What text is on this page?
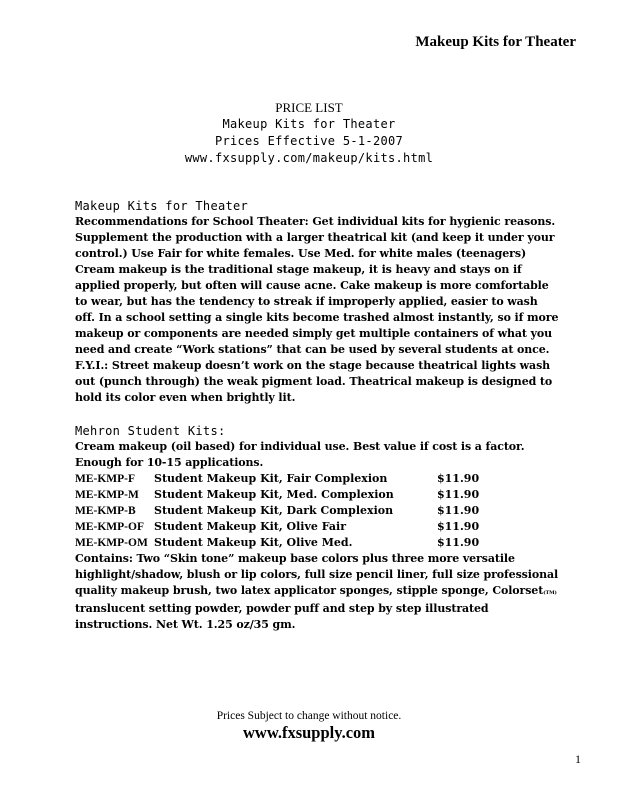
Makeup Kits for Theater
PRICE LIST
Makeup Kits for Theater
Prices Effective 5-1-2007
www.fxsupply.com/makeup/kits.html
Makeup Kits for Theater

Recommendations for School Theater: Get individual kits for hygienic reasons.

Supplement the production with a larger theatrical kit (and keep it under your

control.) Use Fair for white females. Use Med. for white males (teenagers)

Cream makeup is the traditional stage makeup, it is heavy and stays on if

applied properly, but often will cause acne. Cake makeup is more comfortable

to wear, but has the tendency to streak if improperly applied, easier to wash

off. In a school setting a single kits become trashed almost instantly, so if more

makeup or components are needed simply get multiple containers of what you

need and create “Work stations” that can be used by several students at once.

F.Y.I.: Street makeup doesn’t work on the stage because theatrical lights wash

out (punch through) the weak pigment load. Theatrical makeup is designed to

hold its color even when brightly lit.

Mehron Student Kits:

Cream makeup (oil based) for individual use. Best value if cost is a factor.

Enough for 10-15 applications.

ME-KMP-F	Student Makeup Kit, Fair Complexion	$11.90
ME-KMP-M	Student Makeup Kit, Med. Complexion	$11.90
ME-KMP-B	Student Makeup Kit, Dark Complexion	$11.90
ME-KMP-OF Student Makeup Kit, Olive Fair	$11.90
ME-KMP-OM Student Makeup Kit, Olive Med.	$11.90

Contains: Two “Skin tone” makeup base colors plus three more versatile

highlight/shadow, blush or lip colors, full size pencil liner, full size professional

quality makeup brush, two latex applicator sponges, stipple sponge, Colorset(TM)

translucent setting powder, powder puff and step by step illustrated

instructions. Net Wt. 1.25 oz/35 gm.

Prices Subject to change without notice.
www.fxsupply.com
1
